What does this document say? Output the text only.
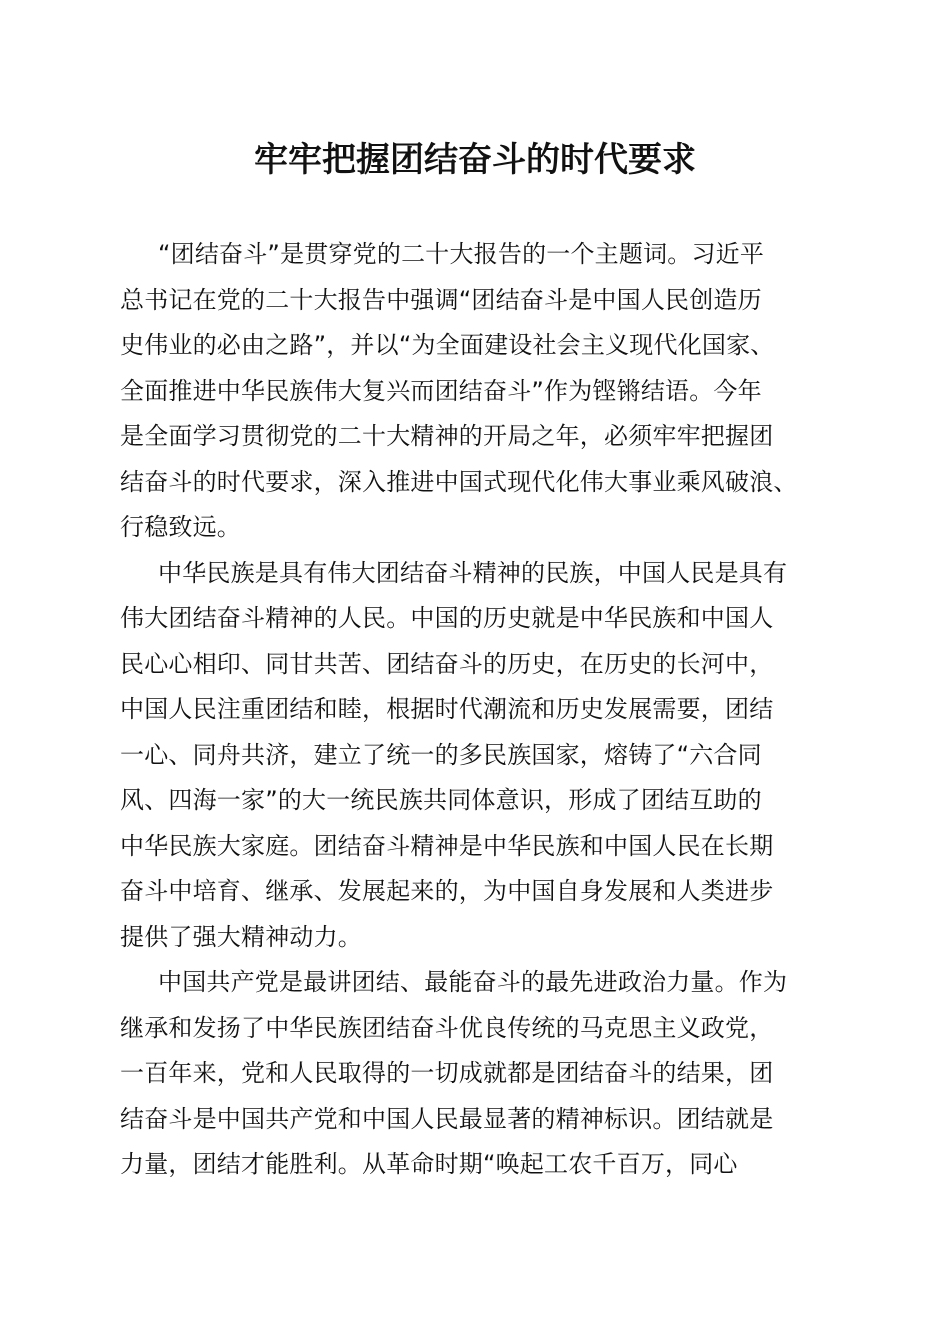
牢牢把握团结奋斗的时代要求
“团结奋斗”是贯穿党的二十大报告的一个主题词。习近平
总书记在党的二十大报告中强调“团结奋斗是中国人民创造历
史伟业的必由之路”，并以“为全面建设社会主义现代化国家、
全面推进中华民族伟大复兴而团结奋斗”作为铿锵结语。今年
是全面学习贯彻党的二十大精神的开局之年，必须牢牢把握团
结奋斗的时代要求，深入推进中国式现代化伟大事业乘风破浪、
行稳致远。
中华民族是具有伟大团结奋斗精神的民族，中国人民是具有
伟大团结奋斗精神的人民。中国的历史就是中华民族和中国人
民心心相印、同甘共苦、团结奋斗的历史，在历史的长河中，
中国人民注重团结和睦，根据时代潮流和历史发展需要，团结
一心、同舟共济，建立了统一的多民族国家，熔铸了“六合同
风、四海一家”的大一统民族共同体意识，形成了团结互助的
中华民族大家庭。团结奋斗精神是中华民族和中国人民在长期
奋斗中培育、继承、发展起来的，为中国自身发展和人类进步
提供了强大精神动力。
中国共产党是最讲团结、最能奋斗的最先进政治力量。作为
继承和发扬了中华民族团结奋斗优良传统的马克思主义政党，
一百年来，党和人民取得的一切成就都是团结奋斗的结果，团
结奋斗是中国共产党和中国人民最显著的精神标识。团结就是
力量，团结才能胜利。从革命时期“唤起工农千百万，同心
